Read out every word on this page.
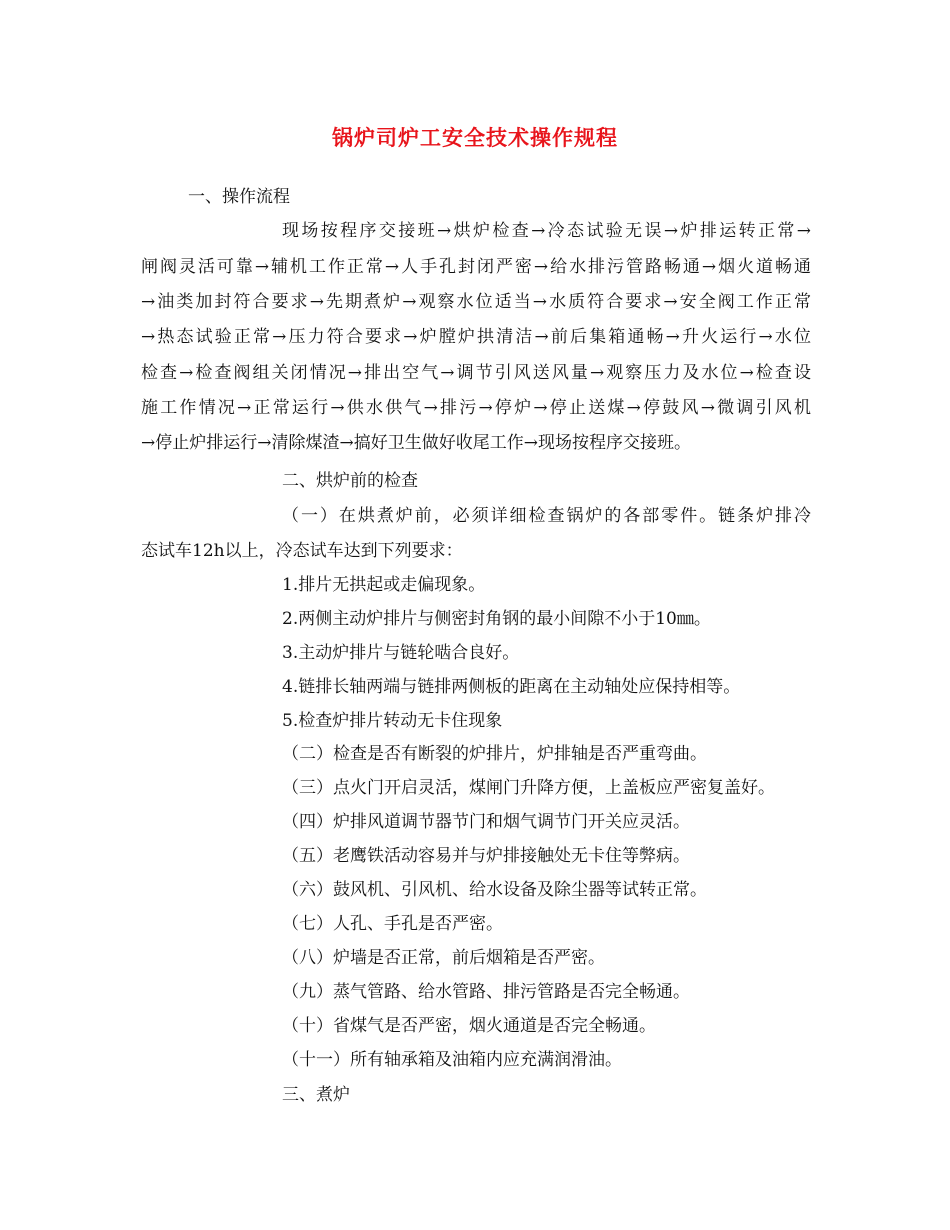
锅炉司炉工安全技术操作规程
一、操作流程
现场按程序交接班→烘炉检查→冷态试验无误→炉排运转正常→
闸阀灵活可靠→辅机工作正常→人手孔封闭严密→给水排污管路畅通→烟火道畅通
→油类加封符合要求→先期煮炉→观察水位适当→水质符合要求→安全阀工作正常
→热态试验正常→压力符合要求→炉膛炉拱清洁→前后集箱通畅→升火运行→水位
检查→检查阀组关闭情况→排出空气→调节引风送风量→观察压力及水位→检查设
施工作情况→正常运行→供水供气→排污→停炉→停止送煤→停鼓风→微调引风机
→停止炉排运行→清除煤渣→搞好卫生做好收尾工作→现场按程序交接班。
二、烘炉前的检查
（一）在烘煮炉前，必须详细检查锅炉的各部零件。链条炉排冷
态试车12h以上，冷态试车达到下列要求：
1.排片无拱起或走偏现象。
2.两侧主动炉排片与侧密封角钢的最小间隙不小于10㎜。
3.主动炉排片与链轮啮合良好。
4.链排长轴两端与链排两侧板的距离在主动轴处应保持相等。
5.检查炉排片转动无卡住现象
（二）检查是否有断裂的炉排片，炉排轴是否严重弯曲。
（三）点火门开启灵活，煤闸门升降方便，上盖板应严密复盖好。
（四）炉排风道调节器节门和烟气调节门开关应灵活。
（五）老鹰铁活动容易并与炉排接触处无卡住等弊病。
（六）鼓风机、引风机、给水设备及除尘器等试转正常。
（七）人孔、手孔是否严密。
（八）炉墙是否正常，前后烟箱是否严密。
（九）蒸气管路、给水管路、排污管路是否完全畅通。
（十）省煤气是否严密，烟火通道是否完全畅通。
（十一）所有轴承箱及油箱内应充满润滑油。
三、煮炉
